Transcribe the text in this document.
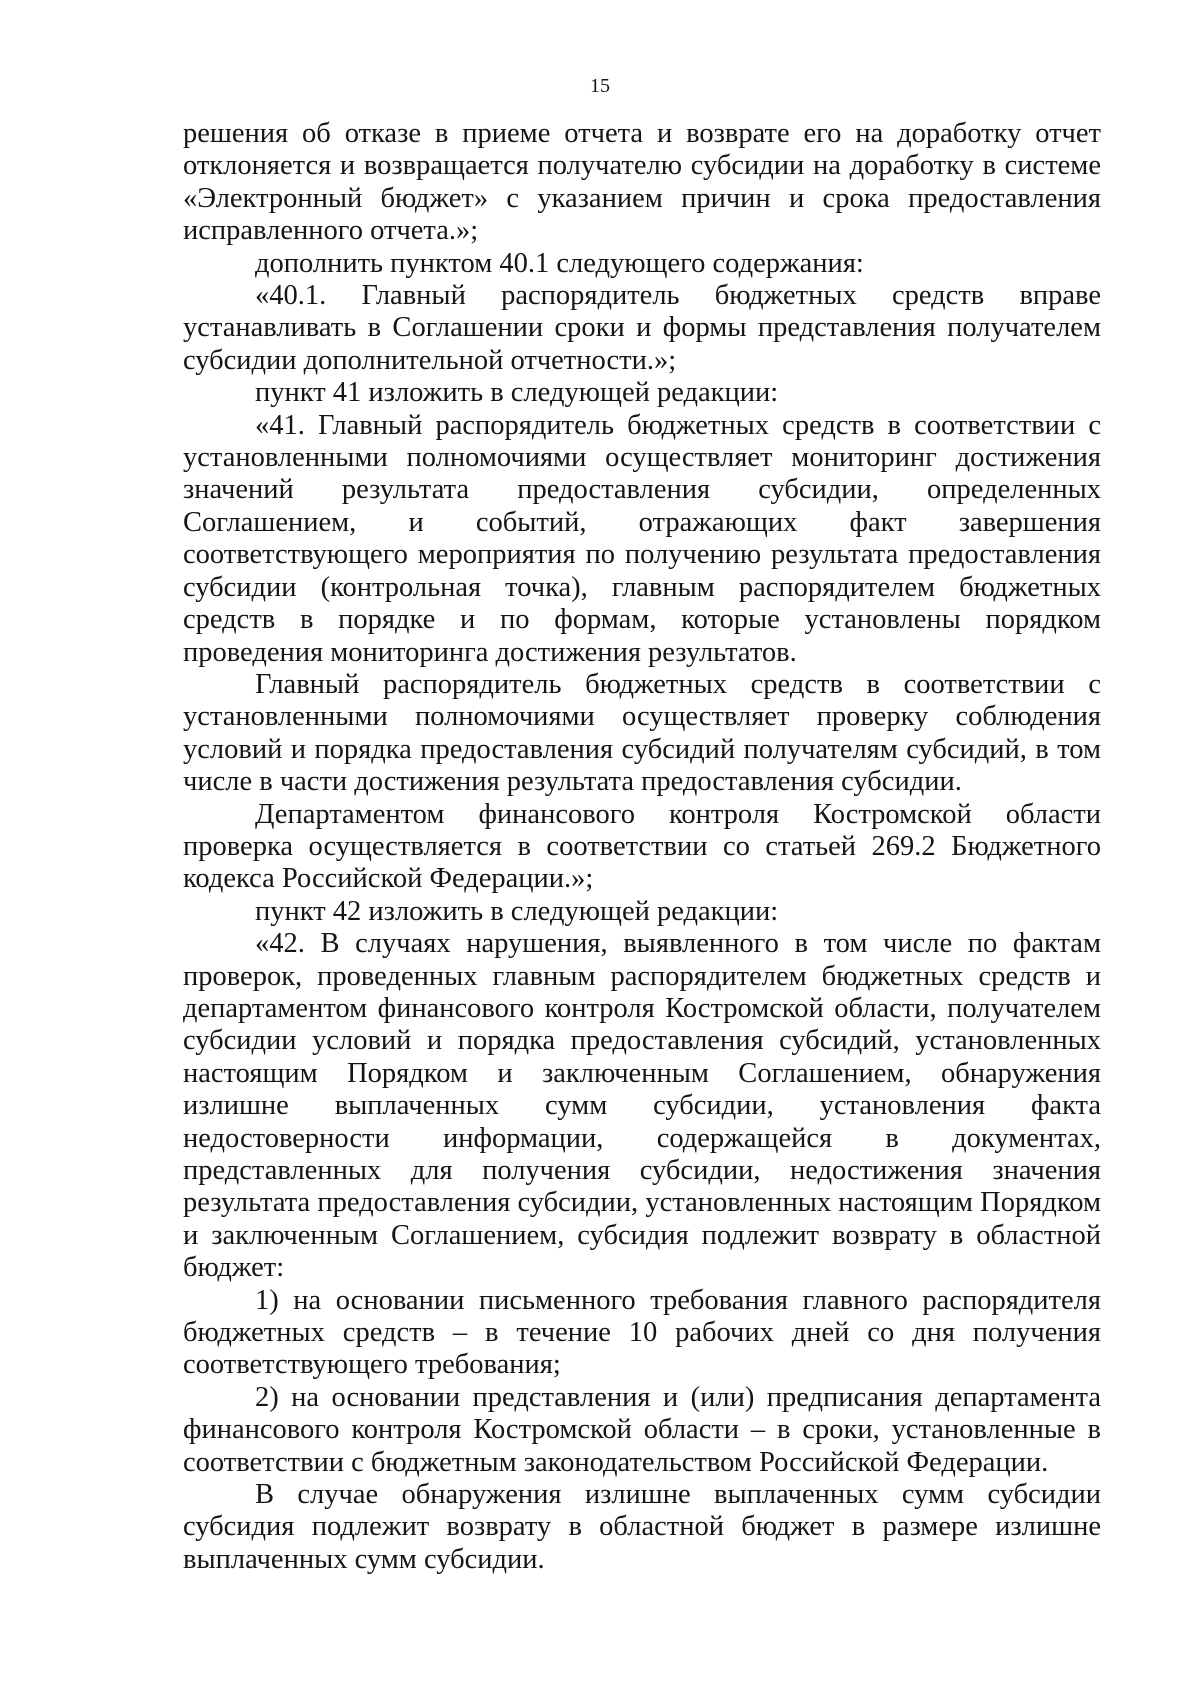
15

решения об отказе в приеме отчета и возврате его на доработку отчет отклоняется и возвращается получателю субсидии на доработку в системе «Электронный бюджет» с указанием причин и срока предоставления исправленного отчета.»;

дополнить пунктом 40.1 следующего содержания:

«40.1. Главный распорядитель бюджетных средств вправе устанавливать в Соглашении сроки и формы представления получателем субсидии дополнительной отчетности.»;

пункт 41 изложить в следующей редакции:

«41. Главный распорядитель бюджетных средств в соответствии с установленными полномочиями осуществляет мониторинг достижения значений результата предоставления субсидии, определенных Соглашением, и событий, отражающих факт завершения соответствующего мероприятия по получению результата предоставления субсидии (контрольная точка), главным распорядителем бюджетных средств в порядке и по формам, которые установлены порядком проведения мониторинга достижения результатов.

Главный распорядитель бюджетных средств в соответствии с установленными полномочиями осуществляет проверку соблюдения условий и порядка предоставления субсидий получателям субсидий, в том числе в части достижения результата предоставления субсидии.

Департаментом финансового контроля Костромской области проверка осуществляется в соответствии со статьей 269.2 Бюджетного кодекса Российской Федерации.»;

пункт 42 изложить в следующей редакции:

«42. В случаях нарушения, выявленного в том числе по фактам проверок, проведенных главным распорядителем бюджетных средств и департаментом финансового контроля Костромской области, получателем субсидии условий и порядка предоставления субсидий, установленных настоящим Порядком и заключенным Соглашением, обнаружения излишне выплаченных сумм субсидии, установления факта недостоверности информации, содержащейся в документах, представленных для получения субсидии, недостижения значения результата предоставления субсидии, установленных настоящим Порядком и заключенным Соглашением, субсидия подлежит возврату в областной бюджет:

1) на основании письменного требования главного распорядителя бюджетных средств – в течение 10 рабочих дней со дня получения соответствующего требования;

2) на основании представления и (или) предписания департамента финансового контроля Костромской области – в сроки, установленные в соответствии с бюджетным законодательством Российской Федерации.

В случае обнаружения излишне выплаченных сумм субсидии субсидия подлежит возврату в областной бюджет в размере излишне выплаченных сумм субсидии.
